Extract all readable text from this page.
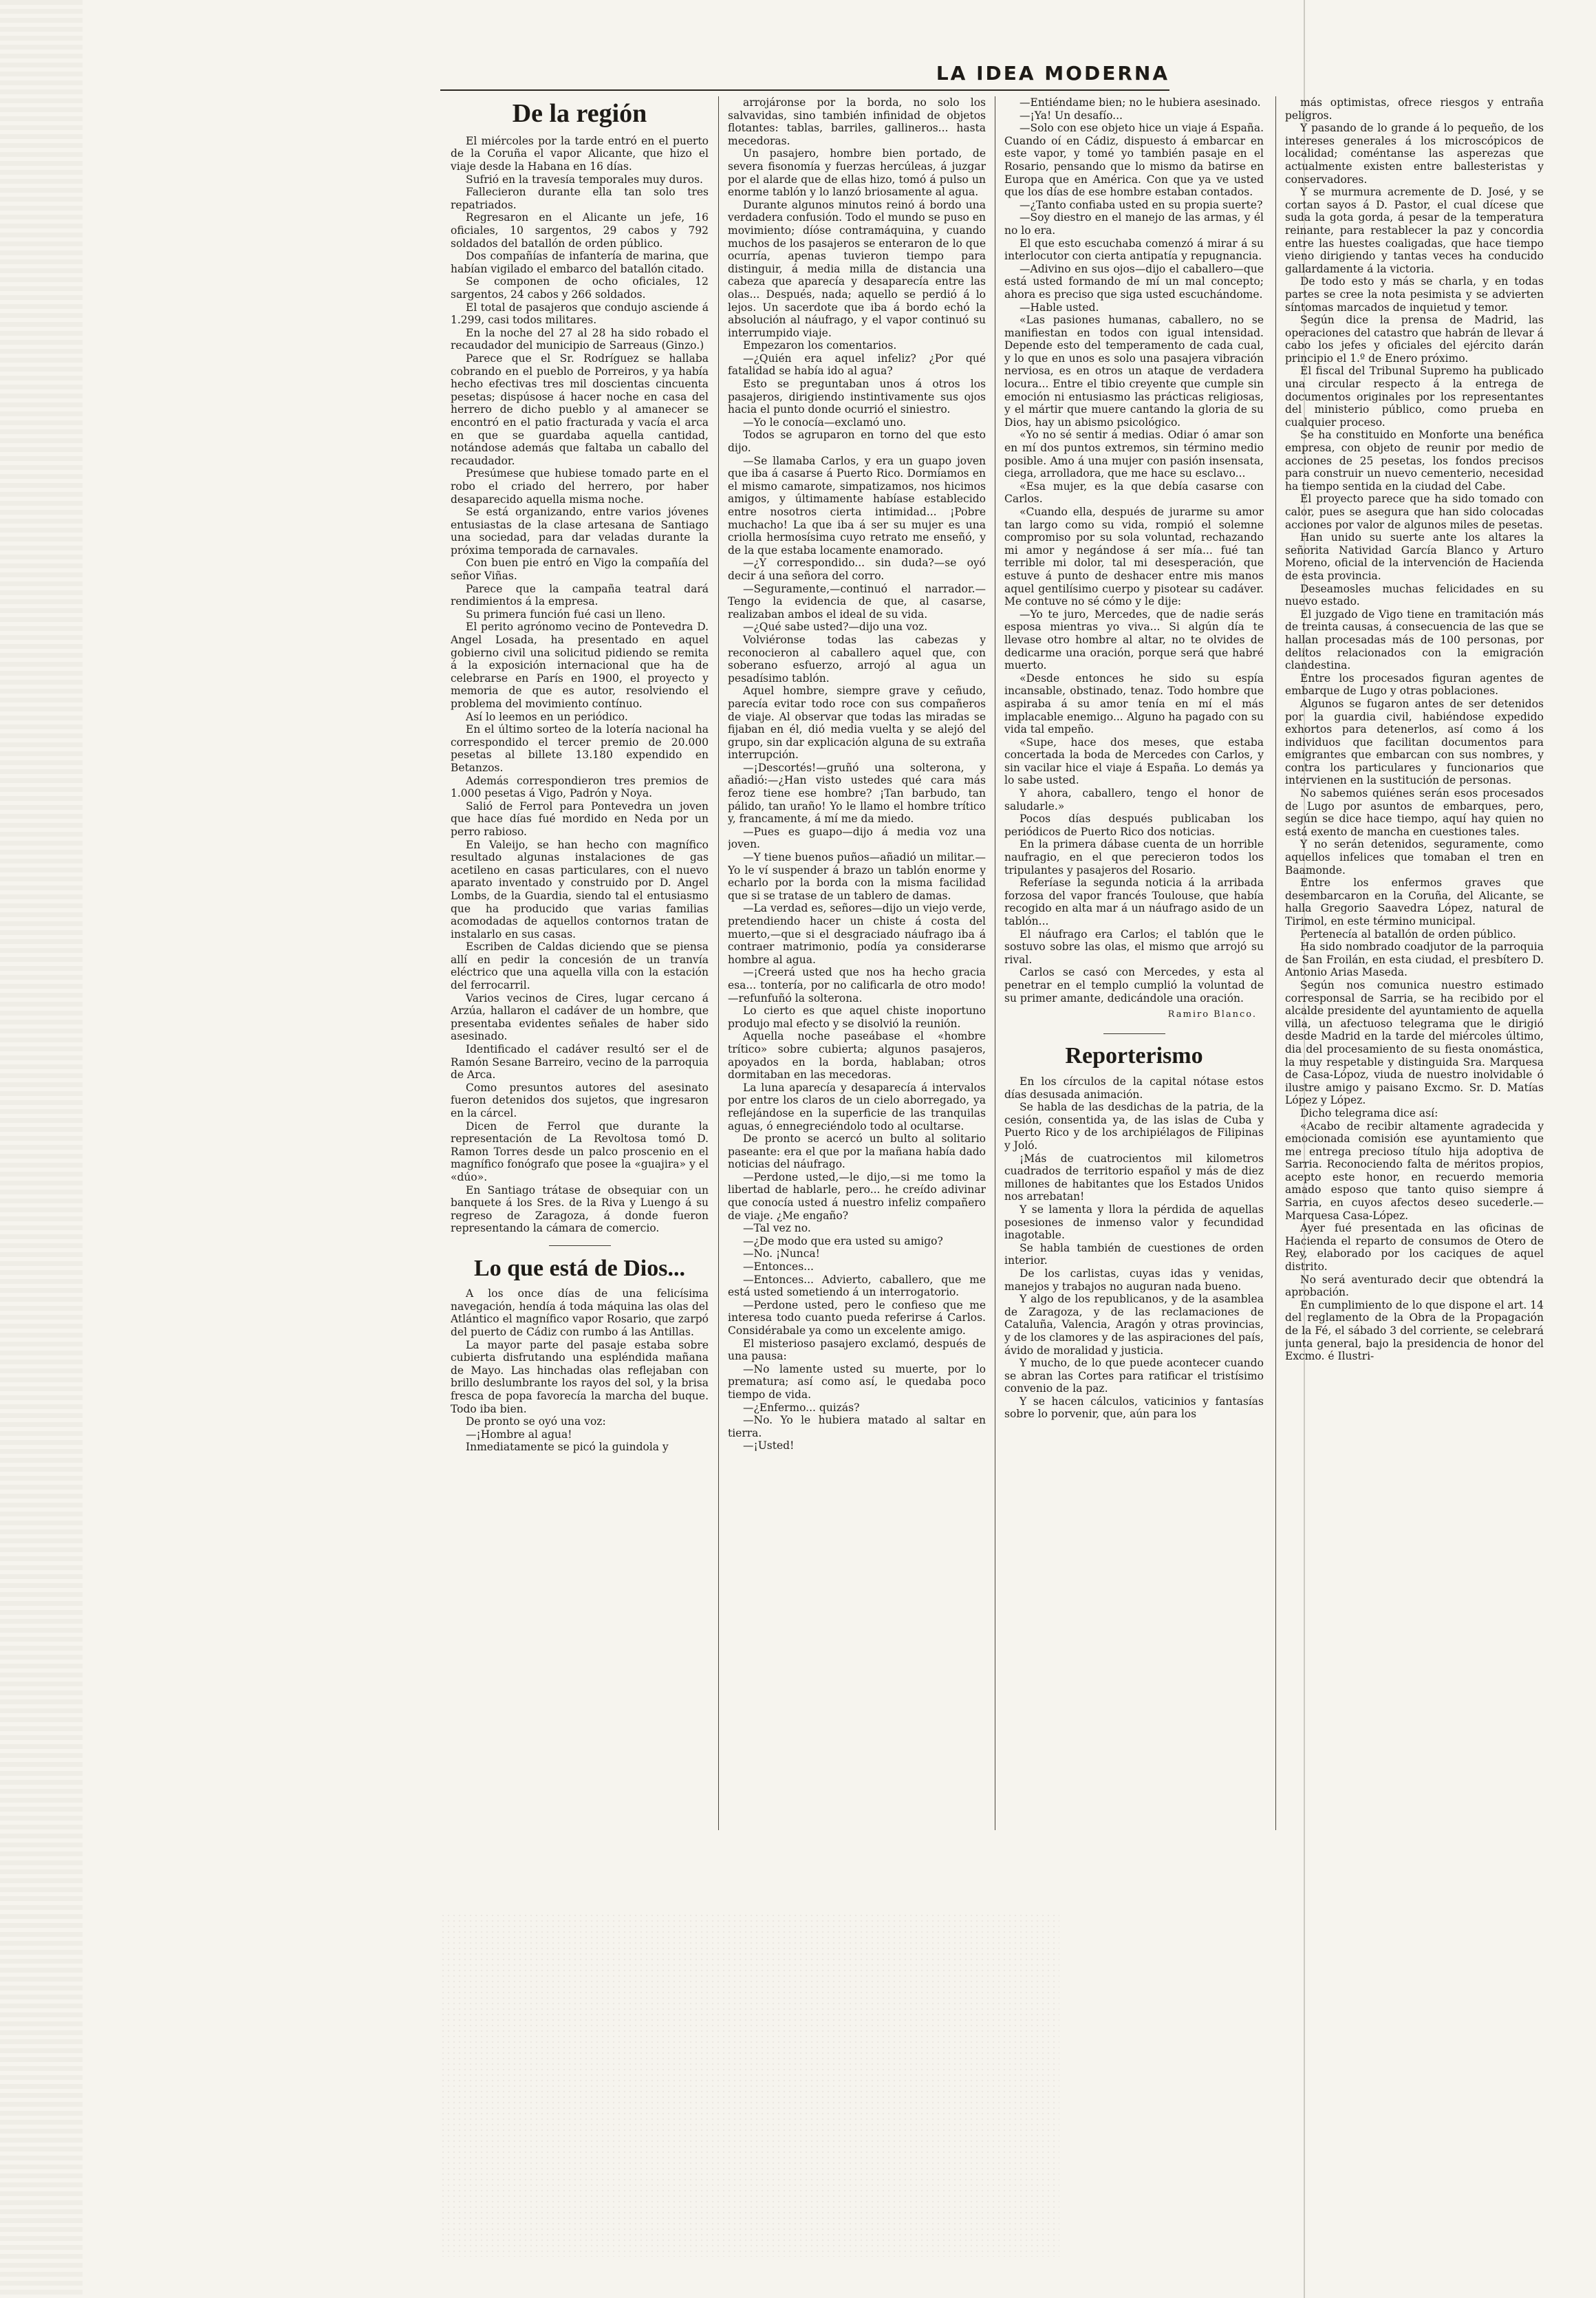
LA IDEA MODERNA
De la región

El miércoles por la tarde entró en el puerto de la Coruña el vapor Alicante, que hizo el viaje desde la Habana en 16 días.

Sufrió en la travesía temporales muy duros.

Fallecieron durante ella tan solo tres repatriados.

Regresaron en el Alicante un jefe, 16 oficiales, 10 sargentos, 29 cabos y 792 soldados del batallón de orden público.

Dos compañías de infantería de marina, que habían vigilado el embarco del batallón citado.

Se componen de ocho oficiales, 12 sargentos, 24 cabos y 266 soldados.

El total de pasajeros que condujo asciende á 1.299, casi todos militares.

En la noche del 27 al 28 ha sido robado el recaudador del municipio de Sarreaus (Ginzo.)

Parece que el Sr. Rodríguez se hallaba cobrando en el pueblo de Porreiros, y ya había hecho efectivas tres mil doscientas cincuenta pesetas; dispúsose á hacer noche en casa del herrero de dicho pueblo y al amanecer se encontró en el patio fracturada y vacía el arca en que se guardaba aquella cantidad, notándose además que faltaba un caballo del recaudador.

Presúmese que hubiese tomado parte en el robo el criado del herrero, por haber desaparecido aquella misma noche.

Se está organizando, entre varios jóvenes entusiastas de la clase artesana de Santiago una sociedad, para dar veladas durante la próxima temporada de carnavales.

Con buen pie entró en Vigo la compañía del señor Viñas.

Parece que la campaña teatral dará rendimientos á la empresa.

Su primera función fué casi un lleno.

El perito agrónomo vecino de Pontevedra D. Angel Losada, ha presentado en aquel gobierno civil una solicitud pidiendo se remita á la exposición internacional que ha de celebrarse en París en 1900, el proyecto y memoria de que es autor, resolviendo el problema del movimiento contínuo.

Así lo leemos en un periódico.

En el último sorteo de la lotería nacional ha correspondido el tercer premio de 20.000 pesetas al billete 13.180 expendido en Betanzos.

Además correspondieron tres premios de 1.000 pesetas á Vigo, Padrón y Noya.

Salió de Ferrol para Pontevedra un joven que hace días fué mordido en Neda por un perro rabioso.

En Valeijo, se han hecho con magnífico resultado algunas instalaciones de gas acetileno en casas particulares, con el nuevo aparato inventado y construido por D. Angel Lombs, de la Guardia, siendo tal el entusiasmo que ha producido que varias familias acomodadas de aquellos contornos tratan de instalarlo en sus casas.

Escriben de Caldas diciendo que se piensa allí en pedir la concesión de un tranvía eléctrico que una aquella villa con la estación del ferrocarril.

Varios vecinos de Cires, lugar cercano á Arzúa, hallaron el cadáver de un hombre, que presentaba evidentes señales de haber sido asesinado.

Identificado el cadáver resultó ser el de Ramón Sesane Barreiro, vecino de la parroquia de Arca.

Como presuntos autores del asesinato fueron detenidos dos sujetos, que ingresaron en la cárcel.

Dicen de Ferrol que durante la representación de La Revoltosa tomó D. Ramon Torres desde un palco proscenio en el magnífico fonógrafo que posee la «guajira» y el «dúo».

En Santiago trátase de obsequiar con un banquete á los Sres. de la Riva y Luengo á su regreso de Zaragoza, á donde fueron representando la cámara de comercio.

Lo que está de Dios...

A los once días de una felicísima navegación, hendía á toda máquina las olas del Atlántico el magnífico vapor Rosario, que zarpó del puerto de Cádiz con rumbo á las Antillas.

La mayor parte del pasaje estaba sobre cubierta disfrutando una espléndida mañana de Mayo. Las hinchadas olas reflejaban con brillo deslumbrante los rayos del sol, y la brisa fresca de popa favorecía la marcha del buque. Todo iba bien.

De pronto se oyó una voz:

—¡Hombre al agua!

Inmediatamente se picó la guindola y

arrojáronse por la borda, no solo los salvavidas, sino también infinidad de objetos flotantes: tablas, barriles, gallineros... hasta mecedoras.

Un pasajero, hombre bien portado, de severa fisonomía y fuerzas hercúleas, á juzgar por el alarde que de ellas hizo, tomó á pulso un enorme tablón y lo lanzó briosamente al agua.

Durante algunos minutos reinó á bordo una verdadera confusión. Todo el mundo se puso en movimiento; díóse contramáquina, y cuando muchos de los pasajeros se enteraron de lo que ocurría, apenas tuvieron tiempo para distinguir, á media milla de distancia una cabeza que aparecía y desaparecía entre las olas... Después, nada; aquello se perdió á lo lejos. Un sacerdote que iba á bordo echó la absolución al náufrago, y el vapor continuó su interrumpido viaje.

Empezaron los comentarios.

—¿Quién era aquel infeliz? ¿Por qué fatalidad se había ido al agua?

Esto se preguntaban unos á otros los pasajeros, dirigiendo instintivamente sus ojos hacia el punto donde ocurrió el siniestro.

—Yo le conocía—exclamó uno.

Todos se agruparon en torno del que esto dijo.

—Se llamaba Carlos, y era un guapo joven que iba á casarse á Puerto Rico. Dormíamos en el mismo camarote, simpatizamos, nos hicimos amigos, y últimamente habíase establecido entre nosotros cierta intimidad... ¡Pobre muchacho! La que iba á ser su mujer es una criolla hermosísima cuyo retrato me enseñó, y de la que estaba locamente enamorado.

—¿Y correspondido... sin duda?—se oyó decir á una señora del corro.

—Seguramente,—continuó el narrador.—Tengo la evidencia de que, al casarse, realizaban ambos el ideal de su vida.

—¿Qué sabe usted?—dijo una voz.

Volviéronse todas las cabezas y reconocieron al caballero aquel que, con soberano esfuerzo, arrojó al agua un pesadísimo tablón.

Aquel hombre, siempre grave y ceñudo, parecía evitar todo roce con sus compañeros de viaje. Al observar que todas las miradas se fijaban en él, dió media vuelta y se alejó del grupo, sin dar explicación alguna de su extraña interrupción.

—¡Descortés!—gruñó una solterona, y añadió:—¿Han visto ustedes qué cara más feroz tiene ese hombre? ¡Tan barbudo, tan pálido, tan uraño! Yo le llamo el hombre trítico y, francamente, á mí me da miedo.

—Pues es guapo—dijo á media voz una joven.

—Y tiene buenos puños—añadió un militar.—Yo le ví suspender á brazo un tablón enorme y echarlo por la borda con la misma facilidad que si se tratase de un tablero de damas.

—La verdad es, señores—dijo un viejo verde, pretendiendo hacer un chiste á costa del muerto,—que si el desgraciado náufrago iba á contraer matrimonio, podía ya considerarse hombre al agua.

—¡Creerá usted que nos ha hecho gracia esa... tontería, por no calificarla de otro modo!—refunfuñó la solterona.

Lo cierto es que aquel chiste inoportuno produjo mal efecto y se disolvió la reunión.

Aquella noche paseábase el «hombre trítico» sobre cubierta; algunos pasajeros, apoyados en la borda, hablaban; otros dormitaban en las mecedoras.

La luna aparecía y desaparecía á intervalos por entre los claros de un cielo aborregado, ya reflejándose en la superficie de las tranquilas aguas, ó ennegreciéndolo todo al ocultarse.

De pronto se acercó un bulto al solitario paseante: era el que por la mañana había dado noticias del náufrago.

—Perdone usted,—le dijo,—si me tomo la libertad de hablarle, pero... he creído adivinar que conocía usted á nuestro infeliz compañero de viaje. ¿Me engaño?

—Tal vez no.

—¿De modo que era usted su amigo?

—No. ¡Nunca!

—Entonces...

—Entonces... Advierto, caballero, que me está usted sometiendo á un interrogatorio.

—Perdone usted, pero le confieso que me interesa todo cuanto pueda referirse á Carlos. Considérabale ya como un excelente amigo.

El misterioso pasajero exclamó, después de una pausa:

—No lamente usted su muerte, por lo prematura; así como así, le quedaba poco tiempo de vida.

—¿Enfermo... quizás?

—No. Yo le hubiera matado al saltar en tierra.

—¡Usted!

—Entiéndame bien; no le hubiera asesinado.

—¡Ya! Un desafío...

—Solo con ese objeto hice un viaje á España. Cuando oí en Cádiz, dispuesto á embarcar en este vapor, y tomé yo también pasaje en el Rosario, pensando que lo mismo da batirse en Europa que en América. Con que ya ve usted que los días de ese hombre estaban contados.

—¿Tanto confiaba usted en su propia suerte?

—Soy diestro en el manejo de las armas, y él no lo era.

El que esto escuchaba comenzó á mirar á su interlocutor con cierta antipatía y repugnancia.

—Adivino en sus ojos—dijo el caballero—que está usted formando de mí un mal concepto; ahora es preciso que siga usted escuchándome.

—Hable usted.

«Las pasiones humanas, caballero, no se manifiestan en todos con igual intensidad. Depende esto del temperamento de cada cual, y lo que en unos es solo una pasajera vibración nerviosa, es en otros un ataque de verdadera locura... Entre el tibio creyente que cumple sin emoción ni entusiasmo las prácticas religiosas, y el mártir que muere cantando la gloria de su Dios, hay un abismo psicológico.

«Yo no sé sentir á medias. Odiar ó amar son en mí dos puntos extremos, sin término medio posible. Amo á una mujer con pasión insensata, ciega, arrolladora, que me hace su esclavo...

«Esa mujer, es la que debía casarse con Carlos.

«Cuando ella, después de jurarme su amor tan largo como su vida, rompió el solemne compromiso por su sola voluntad, rechazando mi amor y negándose á ser mía... fué tan terrible mi dolor, tal mi desesperación, que estuve á punto de deshacer entre mis manos aquel gentilísimo cuerpo y pisotear su cadáver. Me contuve no sé cómo y le dije:

—Yo te juro, Mercedes, que de nadie serás esposa mientras yo viva... Si algún día te llevase otro hombre al altar, no te olvides de dedicarme una oración, porque será que habré muerto.

«Desde entonces he sido su espía incansable, obstinado, tenaz. Todo hombre que aspiraba á su amor tenía en mí el más implacable enemigo... Alguno ha pagado con su vida tal empeño.

«Supe, hace dos meses, que estaba concertada la boda de Mercedes con Carlos, y sin vacilar hice el viaje á España. Lo demás ya lo sabe usted.

Y ahora, caballero, tengo el honor de saludarle.»

Pocos días después publicaban los periódicos de Puerto Rico dos noticias.

En la primera dábase cuenta de un horrible naufragio, en el que perecieron todos los tripulantes y pasajeros del Rosario.

Referíase la segunda noticia á la arribada forzosa del vapor francés Toulouse, que había recogido en alta mar á un náufrago asido de un tablón...

El náufrago era Carlos; el tablón que le sostuvo sobre las olas, el mismo que arrojó su rival.

Carlos se casó con Mercedes, y esta al penetrar en el templo cumplió la voluntad de su primer amante, dedicándole una oración.

Ramiro Blanco.
Reporterismo

En los círculos de la capital nótase estos días desusada animación.

Se habla de las desdichas de la patria, de la cesión, consentida ya, de las islas de Cuba y Puerto Rico y de los archipiélagos de Filipinas y Joló.

¡Más de cuatrocientos mil kilometros cuadrados de territorio español y más de diez millones de habitantes que los Estados Unidos nos arrebatan!

Y se lamenta y llora la pérdida de aquellas posesiones de inmenso valor y fecundidad inagotable.

Se habla también de cuestiones de orden interior.

De los carlistas, cuyas idas y venidas, manejos y trabajos no auguran nada bueno.

Y algo de los republicanos, y de la asamblea de Zaragoza, y de las reclamaciones de Cataluña, Valencia, Aragón y otras provincias, y de los clamores y de las aspiraciones del país, ávido de moralidad y justicia.

Y mucho, de lo que puede acontecer cuando se abran las Cortes para ratificar el tristísimo convenio de la paz.

Y se hacen cálculos, vaticinios y fantasías sobre lo porvenir, que, aún para los

más optimistas, ofrece riesgos y entraña peligros.

Y pasando de lo grande á lo pequeño, de los intereses generales á los microscópicos de localidad; coméntanse las asperezas que actualmente existen entre ballesteristas y conservadores.

Y se murmura acremente de D. José, y se cortan sayos á D. Pastor, el cual dícese que suda la gota gorda, á pesar de la temperatura reinante, para restablecer la paz y concordia entre las huestes coaligadas, que hace tiempo vieno dirigiendo y tantas veces ha conducido gallardamente á la victoria.

De todo esto y más se charla, y en todas partes se cree la nota pesimista y se advierten síntomas marcados de inquietud y temor.

Según dice la prensa de Madrid, las operaciones del catastro que habrán de llevar á cabo los jefes y oficiales del ejército darán principio el 1.º de Enero próximo.

El fiscal del Tribunal Supremo ha publicado una circular respecto á la entrega de documentos originales por los representantes del ministerio público, como prueba en cualquier proceso.

Se ha constituido en Monforte una benéfica empresa, con objeto de reunir por medio de acciones de 25 pesetas, los fondos precisos para construir un nuevo cementerio, necesidad ha tiempo sentida en la ciudad del Cabe.

El proyecto parece que ha sido tomado con calor, pues se asegura que han sido colocadas acciones por valor de algunos miles de pesetas.

Han unido su suerte ante los altares la señorita Natividad García Blanco y Arturo Moreno, oficial de la intervención de Hacienda de esta provincia.

Deseamosles muchas felicidades en su nuevo estado.

El juzgado de Vigo tiene en tramitación más de treinta causas, á consecuencia de las que se hallan procesadas más de 100 personas, por delitos relacionados con la emigración clandestina.

Entre los procesados figuran agentes de embarque de Lugo y otras poblaciones.

Algunos se fugaron antes de ser detenidos por la guardia civil, habiéndose expedido exhortos para detenerlos, así como á los individuos que facilitan documentos para emigrantes que embarcan con sus nombres, y contra los particulares y funcionarios que intervienen en la sustitución de personas.

No sabemos quiénes serán esos procesados de Lugo por asuntos de embarques, pero, según se dice hace tiempo, aquí hay quien no está exento de mancha en cuestiones tales.

Y no serán detenidos, seguramente, como aquellos infelices que tomaban el tren en Baamonde.

Entre los enfermos graves que desembarcaron en la Coruña, del Alicante, se halla Gregorio Saavedra López, natural de Tirimol, en este término municipal.

Pertenecía al batallón de orden público.

Ha sido nombrado coadjutor de la parroquia de San Froilán, en esta ciudad, el presbítero D. Antonio Arias Maseda.

Según nos comunica nuestro estimado corresponsal de Sarria, se ha recibido por el alcalde presidente del ayuntamiento de aquella villa, un afectuoso telegrama que le dirigió desde Madrid en la tarde del miércoles último, dia del procesamiento de su fiesta onomástica, la muy respetable y distinguida Sra. Marquesa de Casa-Lópoz, viuda de nuestro inolvidable ó ilustre amigo y paisano Excmo. Sr. D. Matías López y López.

Dicho telegrama dice así:

«Acabo de recibir altamente agradecida y emocionada comisión ese ayuntamiento que me entrega precioso título hija adoptiva de Sarria. Reconociendo falta de méritos propios, acepto este honor, en recuerdo memoria amado esposo que tanto quiso siempre á Sarria, en cuyos afectos deseo sucederle.—Marquesa Casa-López.

Ayer fué presentada en las oficinas de Hacienda el reparto de consumos de Otero de Rey, elaborado por los caciques de aquel distrito.

No será aventurado decir que obtendrá la aprobación.

En cumplimiento de lo que dispone el art. 14 del reglamento de la Obra de la Propagación de la Fé, el sábado 3 del corriente, se celebrará junta general, bajo la presidencia de honor del Excmo. é Ilustri-
